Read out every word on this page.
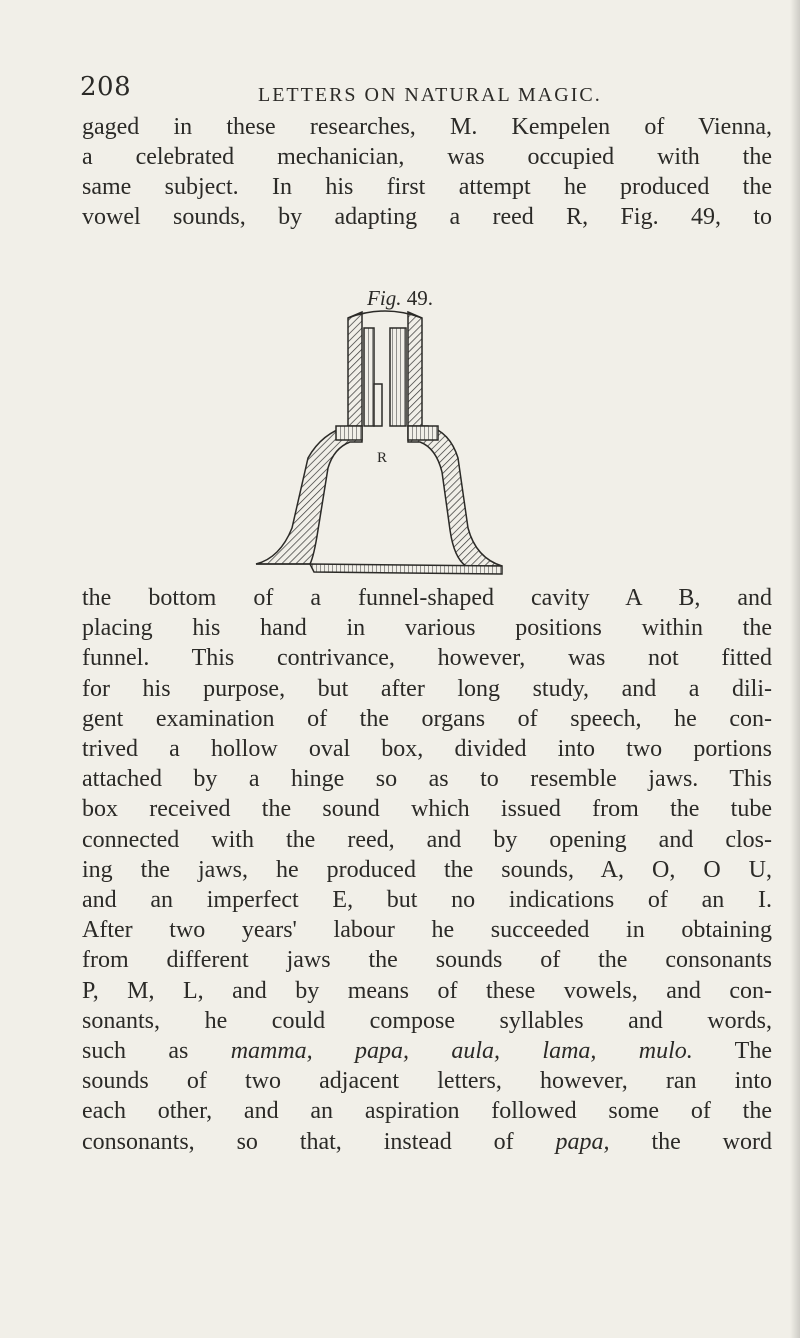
208	LETTERS ON NATURAL MAGIC.
gaged in these researches, M. Kempelen of Vienna,
a celebrated mechanician, was occupied with the
same subject. In his first attempt he produced the
vowel sounds, by adapting a reed R, Fig. 49, to
Fig. 49.
R
the bottom of a funnel-shaped cavity A B, and
placing his hand in various positions within the
funnel. This contrivance, however, was not fitted
for his purpose, but after long study, and a dili-
gent examination of the organs of speech, he con-
trived a hollow oval box, divided into two portions
attached by a hinge so as to resemble jaws. This
box received the sound which issued from the tube
connected with the reed, and by opening and clos-
ing the jaws, he produced the sounds, A, O, O U,
and an imperfect E, but no indications of an I.
After two years' labour he succeeded in obtaining
from different jaws the sounds of the consonants
P, M, L, and by means of these vowels, and con-
sonants, he could compose syllables and words,
such as mamma, papa, aula, lama, mulo. The
sounds of two adjacent letters, however, ran into
each other, and an aspiration followed some of the
consonants, so that, instead of papa, the word
